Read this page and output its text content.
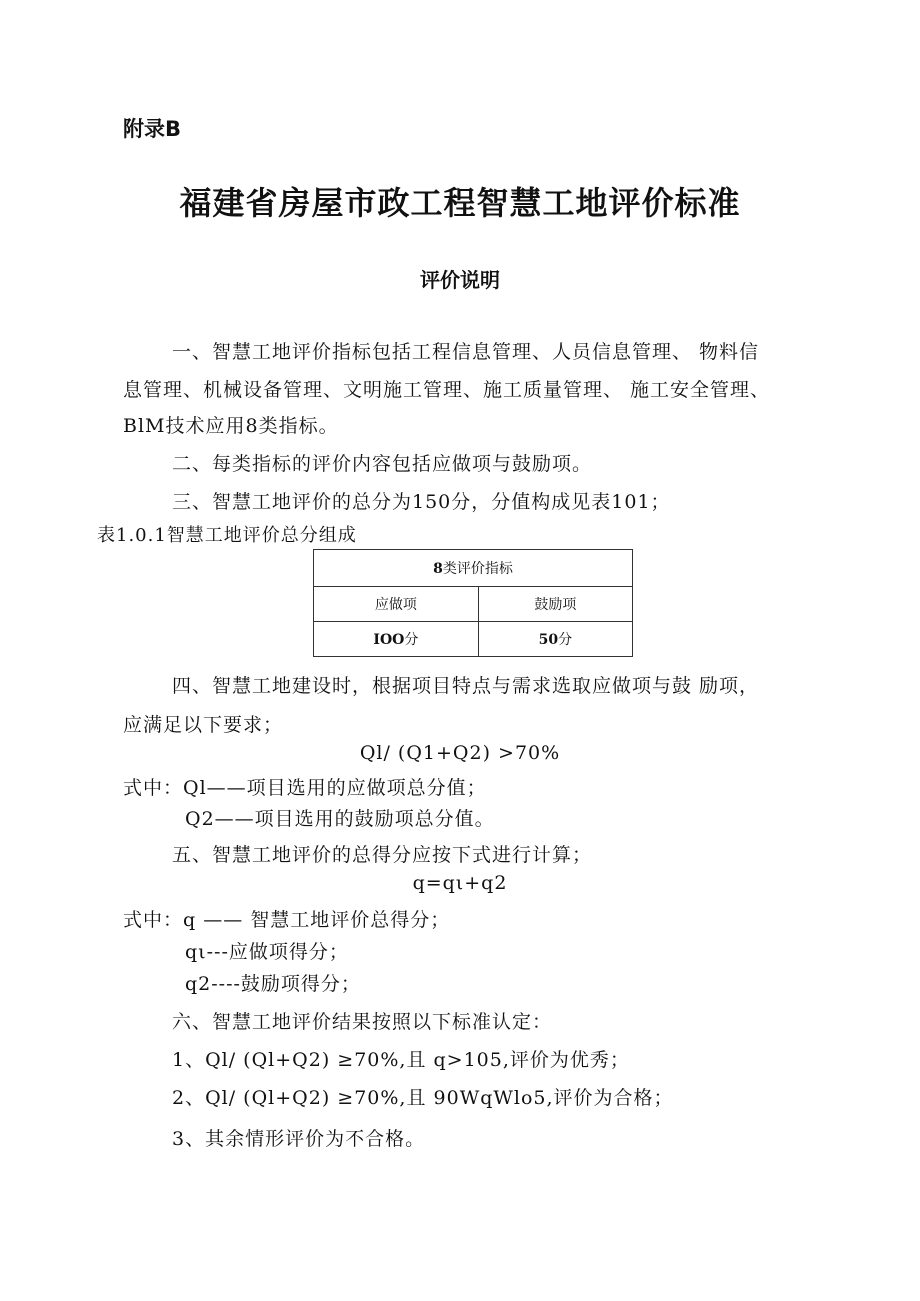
附录B
福建省房屋市政工程智慧工地评价标准
评价说明
一、智慧工地评价指标包括工程信息管理、人员信息管理、 物料信
息管理、机械设备管理、文明施工管理、施工质量管理、 施工安全管理、
BlM技术应用8类指标。
二、每类指标的评价内容包括应做项与鼓励项。
三、智慧工地评价的总分为150分，分值构成见表101；
表1.0.1智慧工地评价总分组成
8类评价指标	
应做项	鼓励项
IOO分	50分
四、智慧工地建设时，根据项目特点与需求选取应做项与鼓 励项，
应满足以下要求；
Ql/ (Q1+Q2) >70%
式中：Ql——项目选用的应做项总分值；
Q2——项目选用的鼓励项总分值。
五、智慧工地评价的总得分应按下式进行计算；
q=qι+q2
式中：q —— 智慧工地评价总得分；
qι---应做项得分；
q2----鼓励项得分；
六、智慧工地评价结果按照以下标准认定：
1、Ql/ (Ql+Q2) ≥70%,且 q>105,评价为优秀；
2、Ql/ (Ql+Q2) ≥70%,且 90WqWlo5,评价为合格；
3、其余情形评价为不合格。
